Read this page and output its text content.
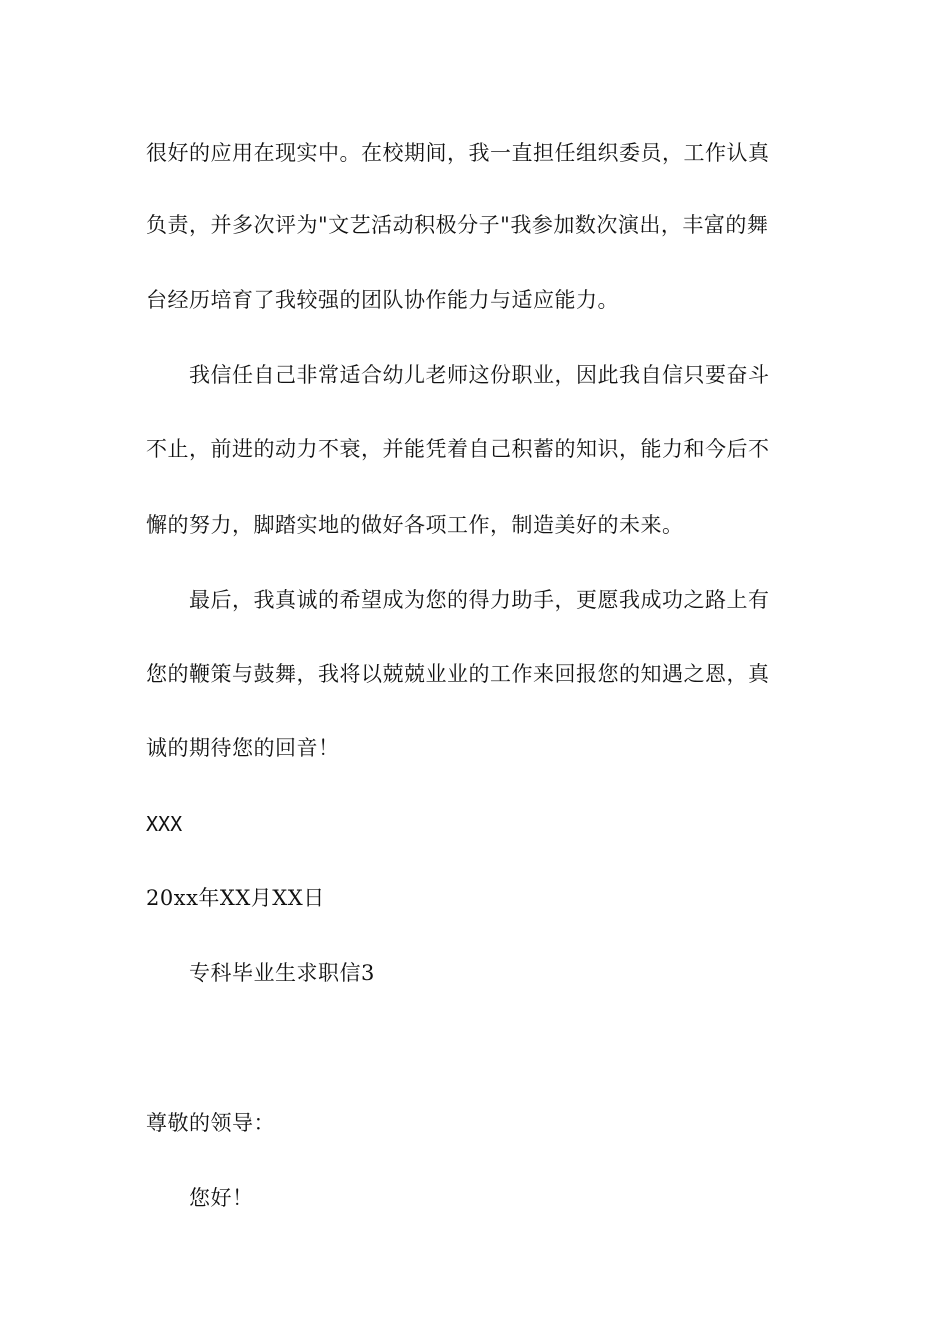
很好的应用在现实中。在校期间，我一直担任组织委员，工作认真
负责，并多次评为"文艺活动积极分子"我参加数次演出，丰富的舞
台经历培育了我较强的团队协作能力与适应能力。
我信任自己非常适合幼儿老师这份职业，因此我自信只要奋斗
不止，前进的动力不衰，并能凭着自己积蓄的知识，能力和今后不
懈的努力，脚踏实地的做好各项工作，制造美好的未来。
最后，我真诚的希望成为您的得力助手，更愿我成功之路上有
您的鞭策与鼓舞，我将以兢兢业业的工作来回报您的知遇之恩，真
诚的期待您的回音！
XXX
20xx年XX月XX日
专科毕业生求职信3
尊敬的领导：
您好！
